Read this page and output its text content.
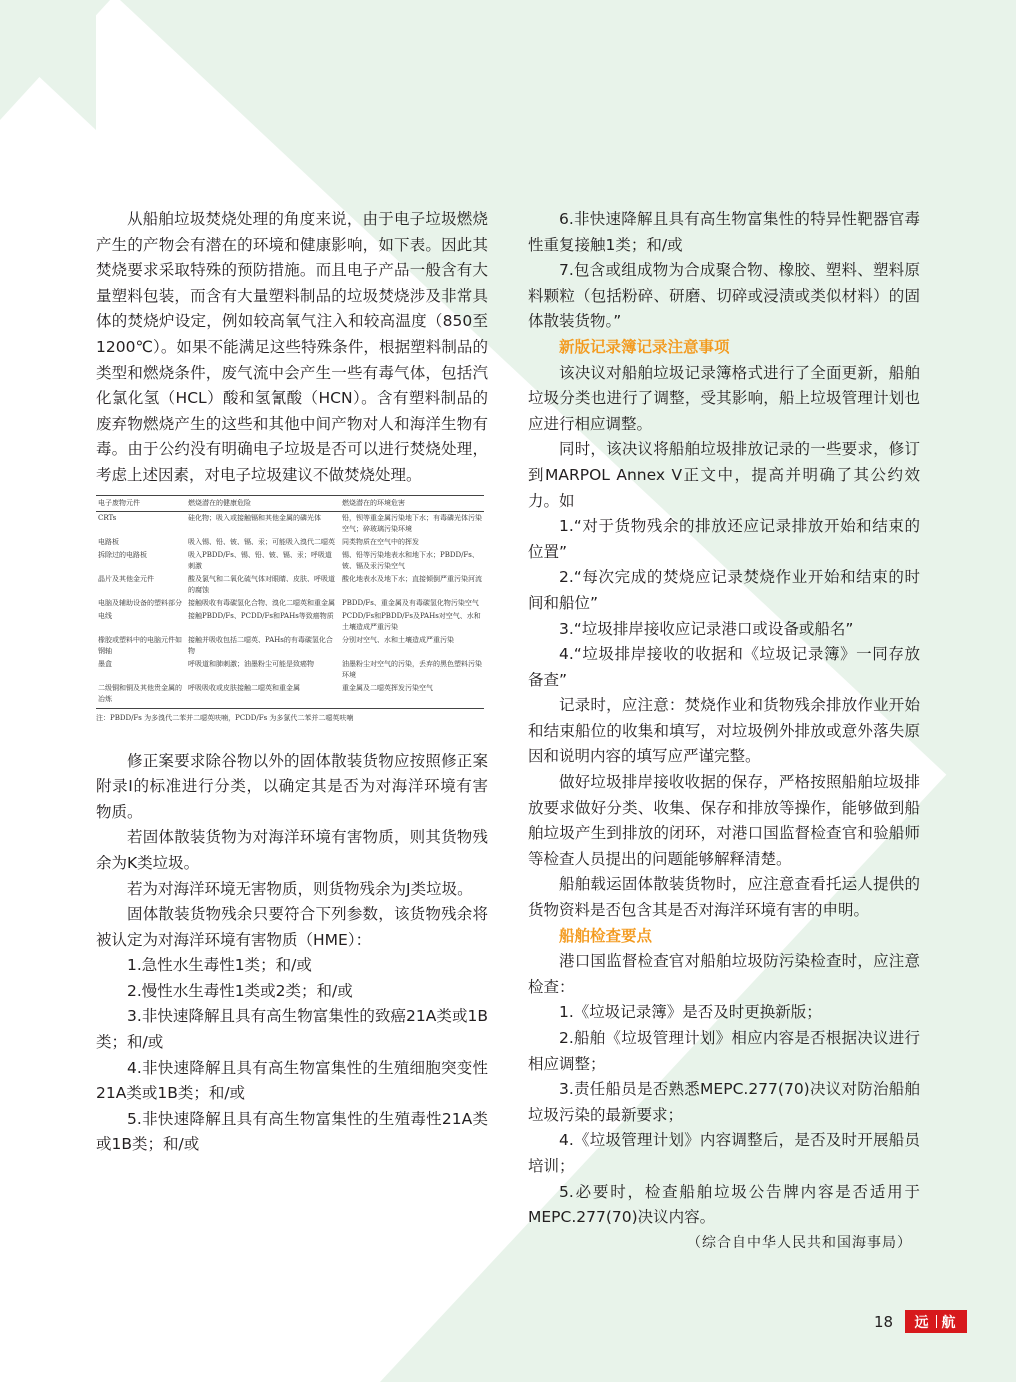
从船舶垃圾焚烧处理的角度来说，由于电子垃圾燃烧产生的产物会有潜在的环境和健康影响，如下表。因此其焚烧要求采取特殊的预防措施。而且电子产品一般含有大量塑料包装，而含有大量塑料制品的垃圾焚烧涉及非常具体的焚烧炉设定，例如较高氧气注入和较高温度（850至1200℃）。如果不能满足这些特殊条件，根据塑料制品的类型和燃烧条件，废气流中会产生一些有毒气体，包括汽化氯化氢（HCL）酸和氢氰酸（HCN）。含有塑料制品的废弃物燃烧产生的这些和其他中间产物对人和海洋生物有毒。由于公约没有明确电子垃圾是否可以进行焚烧处理，考虑上述因素，对电子垃圾建议不做焚烧处理。

电子废物元件	燃烧潜在的健康危险	燃烧潜在的环境危害
CRTs	硅化物；吸入或接触镉和其他金属的磷光体	铅，钡等重金属污染地下水；有毒磷光体污染空气；碎玻璃污染环境
电路板	吸入锡、铅、铍、镉、汞；可能吸入溴代二噁英	同类物质在空气中的挥发
拆除过的电路板	吸入PBDD/Fs、锡、铅、铍、镉、汞；呼吸道刺激	锡、铅等污染地表水和地下水；PBDD/Fs、铍、镉及汞污染空气
晶片及其他金元件	酸及氯气和二氧化硫气体对眼睛、皮肤、呼吸道的腐蚀	酸化地表水及地下水；直接倾倒严重污染河流
电脑及辅助设备的塑料部分	接触吸收有毒碳氢化合物、溴化二噁英和重金属	PBDD/Fs、重金属及有毒碳氢化物污染空气
电线	接触PBDD/Fs、PCDD/Fs和PAHs等致癌物质	PCDD/Fs和PBDD/Fs及PAHs对空气、水和土壤造成严重污染
橡胶或塑料中的电脑元件如钢轴	接触并吸收包括二噁英、PAHs的有毒碳氢化合物	分别对空气、水和土壤造成严重污染
墨盒	呼吸道和肺刺激；油墨粉尘可能是致癌物	油墨粉尘对空气的污染，丢弃的黑色塑料污染环境
二级铜和铜及其他贵金属的冶炼	呼吸吸收或皮肤接触二噁英和重金属	重金属及二噁英挥发污染空气
注：PBDD/Fs 为多溴代二苯并二噁英呋喃，PCDD/Fs 为多氯代二苯并二噁英呋喃

修正案要求除谷物以外的固体散装货物应按照修正案附录I的标准进行分类，以确定其是否为对海洋环境有害物质。

若固体散装货物为对海洋环境有害物质，则其货物残余为K类垃圾。

若为对海洋环境无害物质，则货物残余为J类垃圾。

固体散装货物残余只要符合下列参数，该货物残余将被认定为对海洋环境有害物质（HME）：

1.急性水生毒性1类；和/或

2.慢性水生毒性1类或2类；和/或

3.非快速降解且具有高生物富集性的致癌21A类或1B类；和/或

4.非快速降解且具有高生物富集性的生殖细胞突变性21A类或1B类；和/或

5.非快速降解且具有高生物富集性的生殖毒性21A类或1B类；和/或

6.非快速降解且具有高生物富集性的特异性靶器官毒性重复接触1类；和/或

7.包含或组成物为合成聚合物、橡胶、塑料、塑料原料颗粒（包括粉碎、研磨、切碎或浸渍或类似材料）的固体散装货物。”

新版记录簿记录注意事项

该决议对船舶垃圾记录簿格式进行了全面更新，船舶垃圾分类也进行了调整，受其影响，船上垃圾管理计划也应进行相应调整。

同时，该决议将船舶垃圾排放记录的一些要求，修订到MARPOL Annex V正文中，提高并明确了其公约效力。如

1.“对于货物残余的排放还应记录排放开始和结束的位置”

2.“每次完成的焚烧应记录焚烧作业开始和结束的时间和船位”

3.“垃圾排岸接收应记录港口或设备或船名”

4.“垃圾排岸接收的收据和《垃圾记录簿》一同存放备查”

记录时，应注意：焚烧作业和货物残余排放作业开始和结束船位的收集和填写，对垃圾例外排放或意外落失原因和说明内容的填写应严谨完整。

做好垃圾排岸接收收据的保存，严格按照船舶垃圾排放要求做好分类、收集、保存和排放等操作，能够做到船舶垃圾产生到排放的闭环，对港口国监督检查官和验船师等检查人员提出的问题能够解释清楚。

船舶载运固体散装货物时，应注意查看托运人提供的货物资料是否包含其是否对海洋环境有害的申明。

船舶检查要点

港口国监督检查官对船舶垃圾防污染检查时，应注意检查：

1.《垃圾记录簿》是否及时更换新版；

2.船舶《垃圾管理计划》相应内容是否根据决议进行相应调整；

3.责任船员是否熟悉MEPC.277(70)决议对防治船舶垃圾污染的最新要求；

4.《垃圾管理计划》内容调整后，是否及时开展船员培训；

5.必要时，检查船舶垃圾公告牌内容是否适用于MEPC.277(70)决议内容。

（综合自中华人民共和国海事局）

18 远 航
